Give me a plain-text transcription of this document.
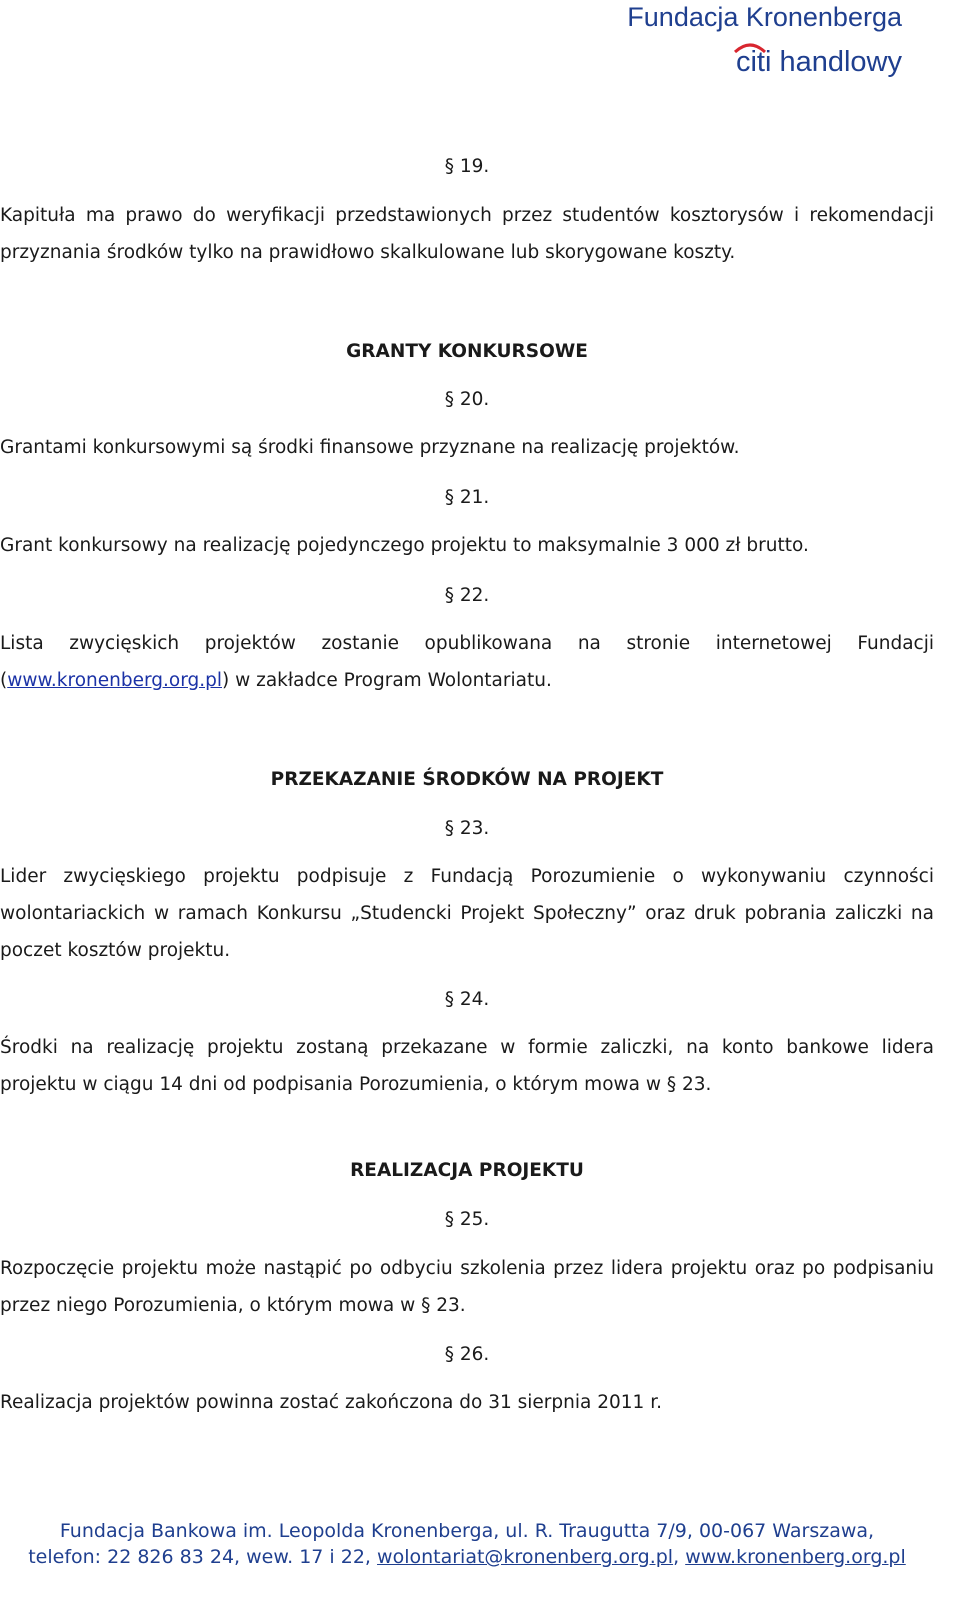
Fundacja Kronenberga
citi handlowy

§ 19.

Kapituła ma prawo do weryfikacji przedstawionych przez studentów kosztorysów i rekomendacji przyznania środków tylko na prawidłowo skalkulowane lub skorygowane koszty.

GRANTY KONKURSOWE

§ 20.

Grantami konkursowymi są środki finansowe przyznane na realizację projektów.

§ 21.

Grant konkursowy na realizację pojedynczego projektu to maksymalnie 3 000 zł brutto.

§ 22.

Lista zwycięskich projektów zostanie opublikowana na stronie internetowej Fundacji (www.kronenberg.org.pl) w zakładce Program Wolontariatu.

PRZEKAZANIE ŚRODKÓW NA PROJEKT

§ 23.

Lider zwycięskiego projektu podpisuje z Fundacją Porozumienie o wykonywaniu czynności wolontariackich w ramach Konkursu „Studencki Projekt Społeczny” oraz druk pobrania zaliczki na poczet kosztów projektu.

§ 24.

Środki na realizację projektu zostaną przekazane w formie zaliczki, na konto bankowe lidera projektu w ciągu 14 dni od podpisania Porozumienia, o którym mowa w § 23.

REALIZACJA PROJEKTU

§ 25.

Rozpoczęcie projektu może nastąpić po odbyciu szkolenia przez lidera projektu oraz po podpisaniu przez niego Porozumienia, o którym mowa w § 23.

§ 26.

Realizacja projektów powinna zostać zakończona do 31 sierpnia 2011 r.

Fundacja Bankowa im. Leopolda Kronenberga, ul. R. Traugutta 7/9, 00-067 Warszawa,
telefon: 22 826 83 24, wew. 17 i 22, wolontariat@kronenberg.org.pl, www.kronenberg.org.pl
